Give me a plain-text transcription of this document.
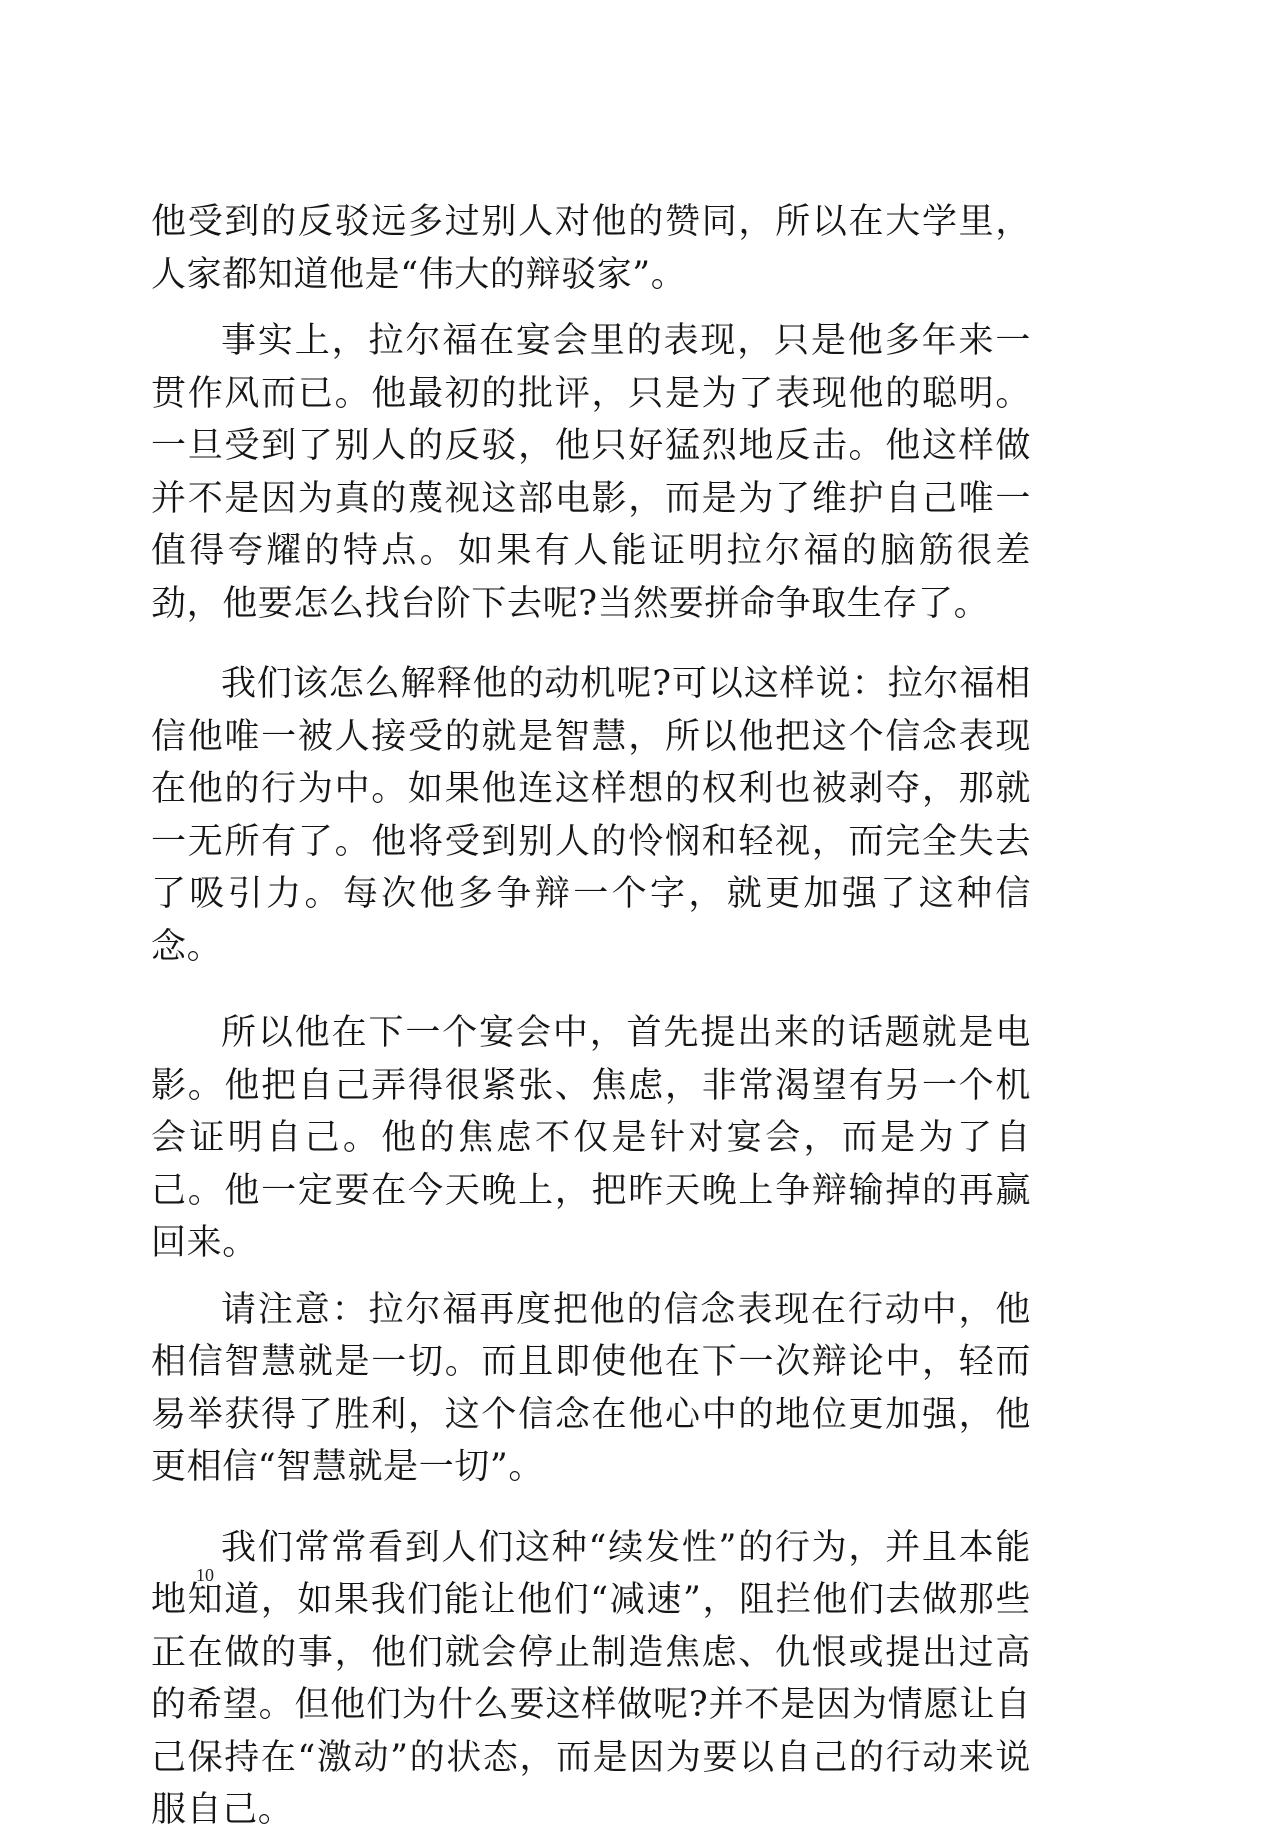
他受到的反驳远多过别人对他的赞同，所以在大学里，人家都知道他是“伟大的辩驳家”。

事实上，拉尔福在宴会里的表现，只是他多年来一贯作风而已。他最初的批评，只是为了表现他的聪明。一旦受到了别人的反驳，他只好猛烈地反击。他这样做并不是因为真的蔑视这部电影，而是为了维护自己唯一值得夸耀的特点。如果有人能证明拉尔福的脑筋很差劲，他要怎么找台阶下去呢?当然要拼命争取生存了。

我们该怎么解释他的动机呢?可以这样说：拉尔福相信他唯一被人接受的就是智慧，所以他把这个信念表现在他的行为中。如果他连这样想的权利也被剥夺，那就一无所有了。他将受到别人的怜悯和轻视，而完全失去了吸引力。每次他多争辩一个字，就更加强了这种信念。

所以他在下一个宴会中，首先提出来的话题就是电影。他把自己弄得很紧张、焦虑，非常渴望有另一个机会证明自己。他的焦虑不仅是针对宴会，而是为了自己。他一定要在今天晚上，把昨天晚上争辩输掉的再赢回来。

请注意：拉尔福再度把他的信念表现在行动中，他相信智慧就是一切。而且即使他在下一次辩论中，轻而易举获得了胜利，这个信念在他心中的地位更加强，他更相信“智慧就是一切”。

我们常常看到人们这种“续发性”的行为，并且本能地知道，如果我们能让他们“减速”，阻拦他们去做那些正在做的事，他们就会停止制造焦虑、仇恨或提出过高的希望。但他们为什么要这样做呢?并不是因为情愿让自己保持在“激动”的状态，而是因为要以自己的行动来说服自己。

10
